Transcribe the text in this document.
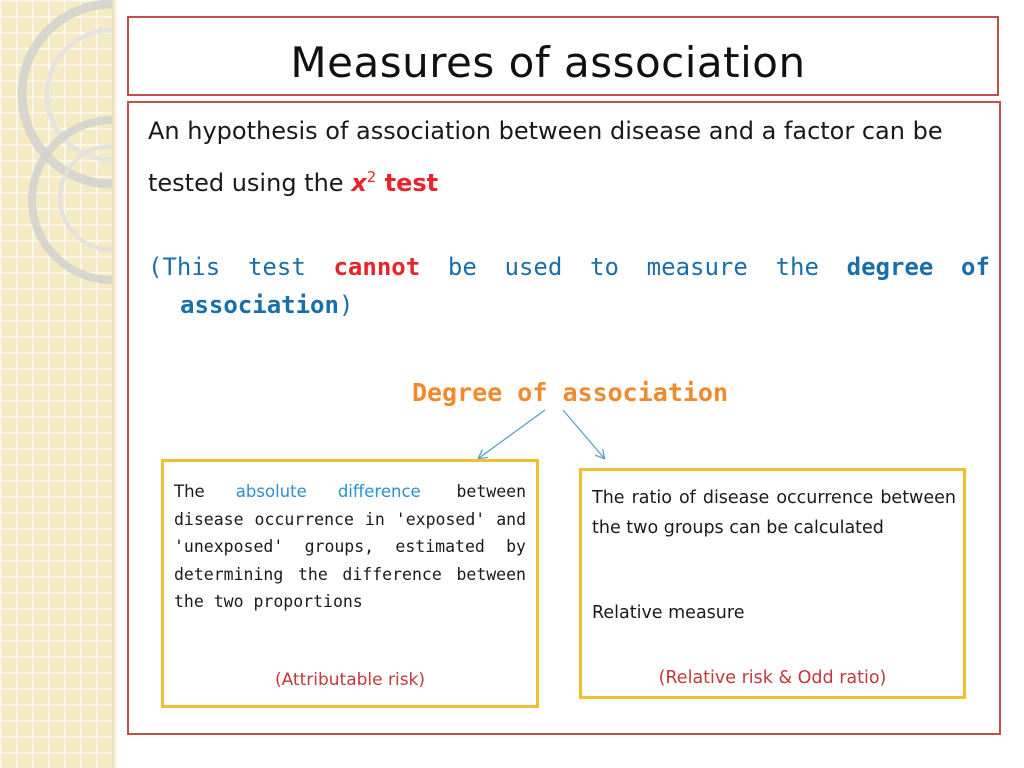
Measures of association
An hypothesis of association between disease and a factor can be tested using the $x^2$ test
(This test cannot be used to measure the degree of
association)
Degree of association
The absolute difference between disease occurrence in 'exposed' and 'unexposed' groups, estimated by determining the difference between the two proportions
(Attributable risk)
The ratio of disease occurrence between the two groups can be calculated
Relative measure
(Relative risk & Odd ratio)
